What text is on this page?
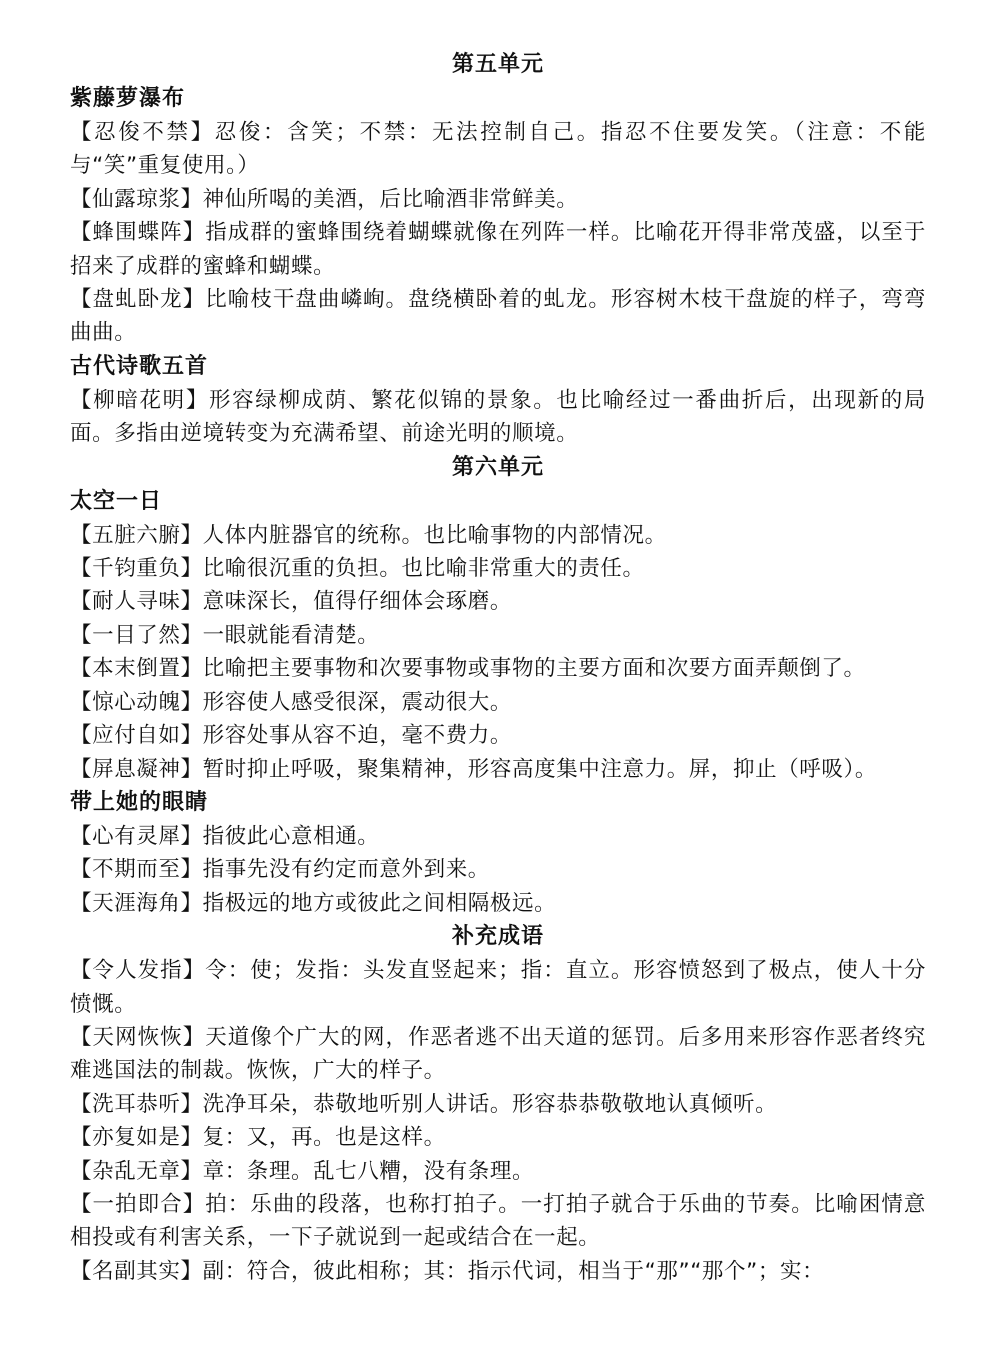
第五单元
紫藤萝瀑布

【忍俊不禁】忍俊：含笑；不禁：无法控制自己。指忍不住要发笑。（注意：不能与“笑”重复使用。）

【仙露琼浆】神仙所喝的美酒，后比喻酒非常鲜美。

【蜂围蝶阵】指成群的蜜蜂围绕着蝴蝶就像在列阵一样。比喻花开得非常茂盛，以至于招来了成群的蜜蜂和蝴蝶。

【盘虬卧龙】比喻枝干盘曲嶙峋。盘绕横卧着的虬龙。形容树木枝干盘旋的样子，弯弯曲曲。

古代诗歌五首

【柳暗花明】形容绿柳成荫、繁花似锦的景象。也比喻经过一番曲折后，出现新的局面。多指由逆境转变为充满希望、前途光明的顺境。

第六单元
太空一日

【五脏六腑】人体内脏器官的统称。也比喻事物的内部情况。

【千钧重负】比喻很沉重的负担。也比喻非常重大的责任。

【耐人寻味】意味深长，值得仔细体会琢磨。

【一目了然】一眼就能看清楚。

【本末倒置】比喻把主要事物和次要事物或事物的主要方面和次要方面弄颠倒了。

【惊心动魄】形容使人感受很深，震动很大。

【应付自如】形容处事从容不迫，毫不费力。

【屏息凝神】暂时抑止呼吸，聚集精神，形容高度集中注意力。屏，抑止（呼吸）。

带上她的眼睛

【心有灵犀】指彼此心意相通。

【不期而至】指事先没有约定而意外到来。

【天涯海角】指极远的地方或彼此之间相隔极远。

补充成语

【令人发指】令：使；发指：头发直竖起来；指：直立。形容愤怒到了极点，使人十分愤慨。

【天网恢恢】天道像个广大的网，作恶者逃不出天道的惩罚。后多用来形容作恶者终究难逃国法的制裁。恢恢，广大的样子。

【洗耳恭听】洗净耳朵，恭敬地听别人讲话。形容恭恭敬敬地认真倾听。

【亦复如是】复：又，再。也是这样。

【杂乱无章】章：条理。乱七八糟，没有条理。

【一拍即合】拍：乐曲的段落，也称打拍子。一打拍子就合于乐曲的节奏。比喻困情意相投或有利害关系，一下子就说到一起或结合在一起。

【名副其实】副：符合，彼此相称；其：指示代词，相当于“那”“那个”；实：
